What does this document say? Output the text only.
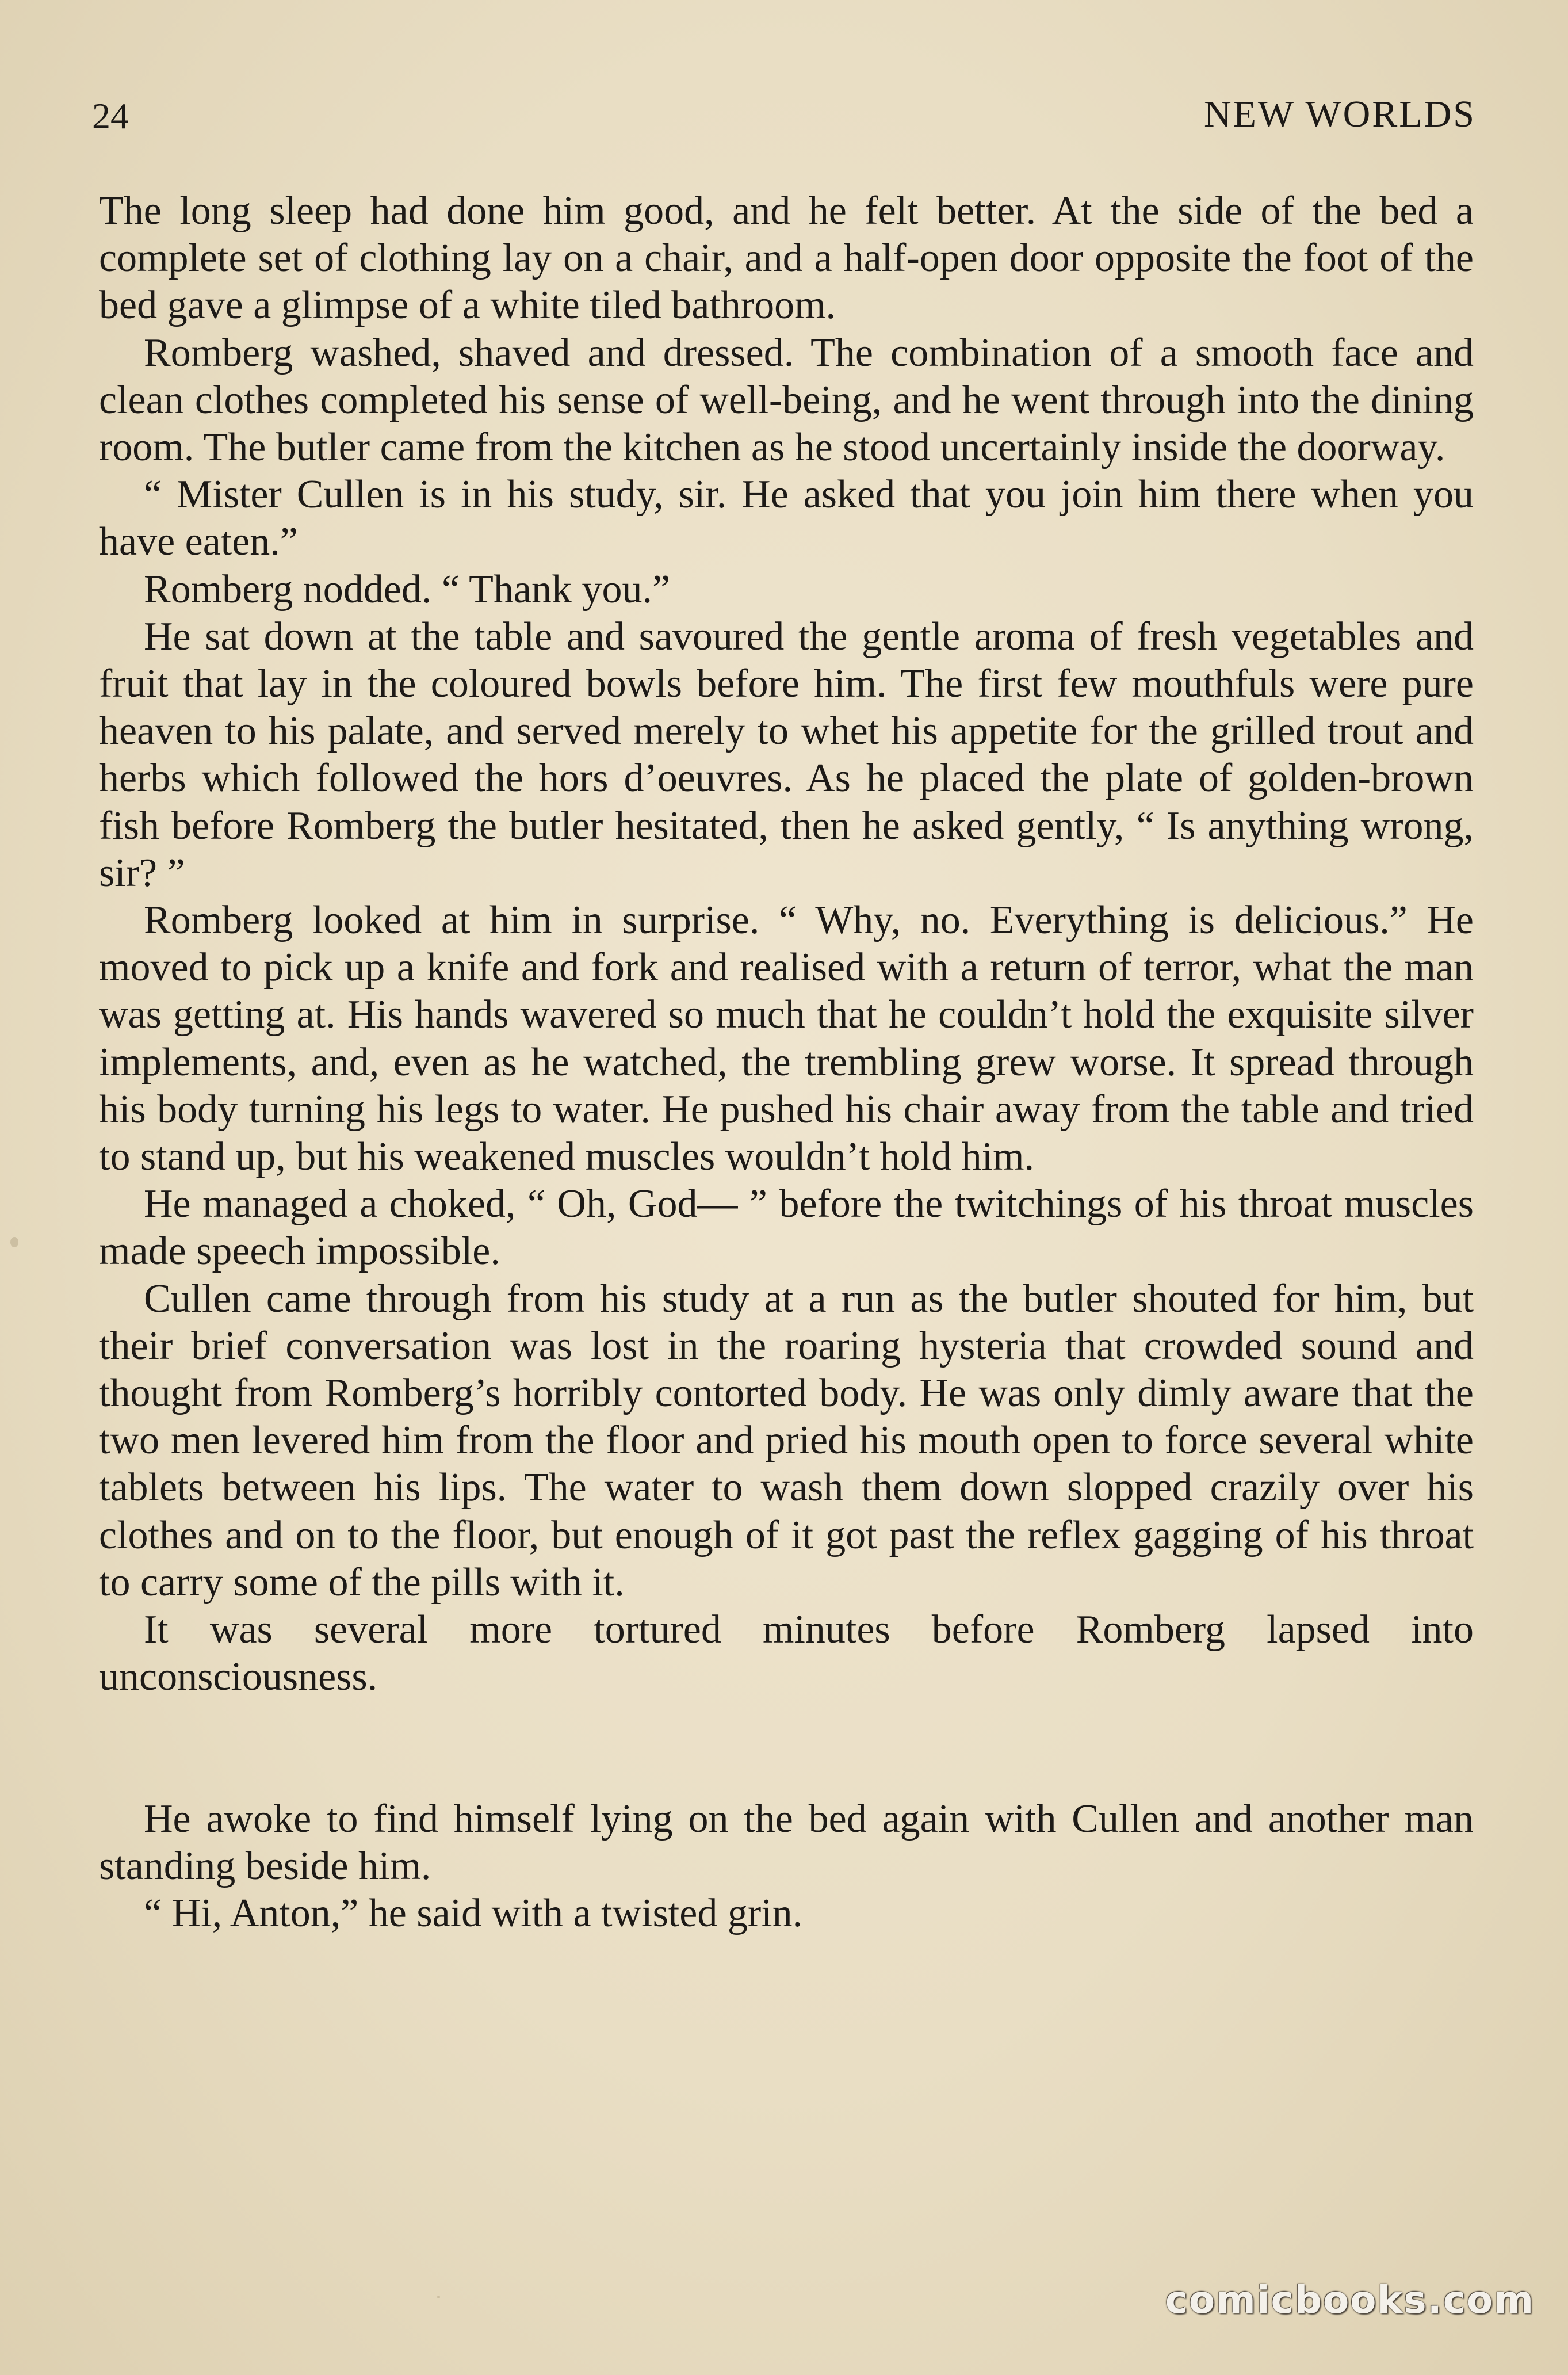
24	NEW WORLDS

The long sleep had done him good, and he felt better. At the side of the bed a complete set of clothing lay on a chair, and a half-open door opposite the foot of the bed gave a glimpse of a white tiled bathroom.

Romberg washed, shaved and dressed. The combination of a smooth face and clean clothes completed his sense of well-being, and he went through into the dining room. The butler came from the kitchen as he stood uncertainly inside the doorway.

“ Mister Cullen is in his study, sir. He asked that you join him there when you have eaten.”

Romberg nodded. “ Thank you.”

He sat down at the table and savoured the gentle aroma of fresh vegetables and fruit that lay in the coloured bowls before him. The first few mouthfuls were pure heaven to his palate, and served merely to whet his appetite for the grilled trout and herbs which followed the hors d’oeuvres. As he placed the plate of golden-brown fish before Romberg the butler hesitated, then he asked gently, “ Is anything wrong, sir? ”

Romberg looked at him in surprise. “ Why, no. Everything is delicious.” He moved to pick up a knife and fork and realised with a return of terror, what the man was getting at. His hands wavered so much that he couldn’t hold the exquisite silver implements, and, even as he watched, the trembling grew worse. It spread through his body turning his legs to water. He pushed his chair away from the table and tried to stand up, but his weakened muscles wouldn’t hold him.

He managed a choked, “ Oh, God— ” before the twitchings of his throat muscles made speech impossible.

Cullen came through from his study at a run as the butler shouted for him, but their brief conversation was lost in the roaring hysteria that crowded sound and thought from Romberg’s horribly contorted body. He was only dimly aware that the two men levered him from the floor and pried his mouth open to force several white tablets between his lips. The water to wash them down slopped crazily over his clothes and on to the floor, but enough of it got past the reflex gagging of his throat to carry some of the pills with it.

It was several more tortured minutes before Romberg lapsed into unconsciousness.

He awoke to find himself lying on the bed again with Cullen and another man standing beside him.

“ Hi, Anton,” he said with a twisted grin.

comicbooks.com
